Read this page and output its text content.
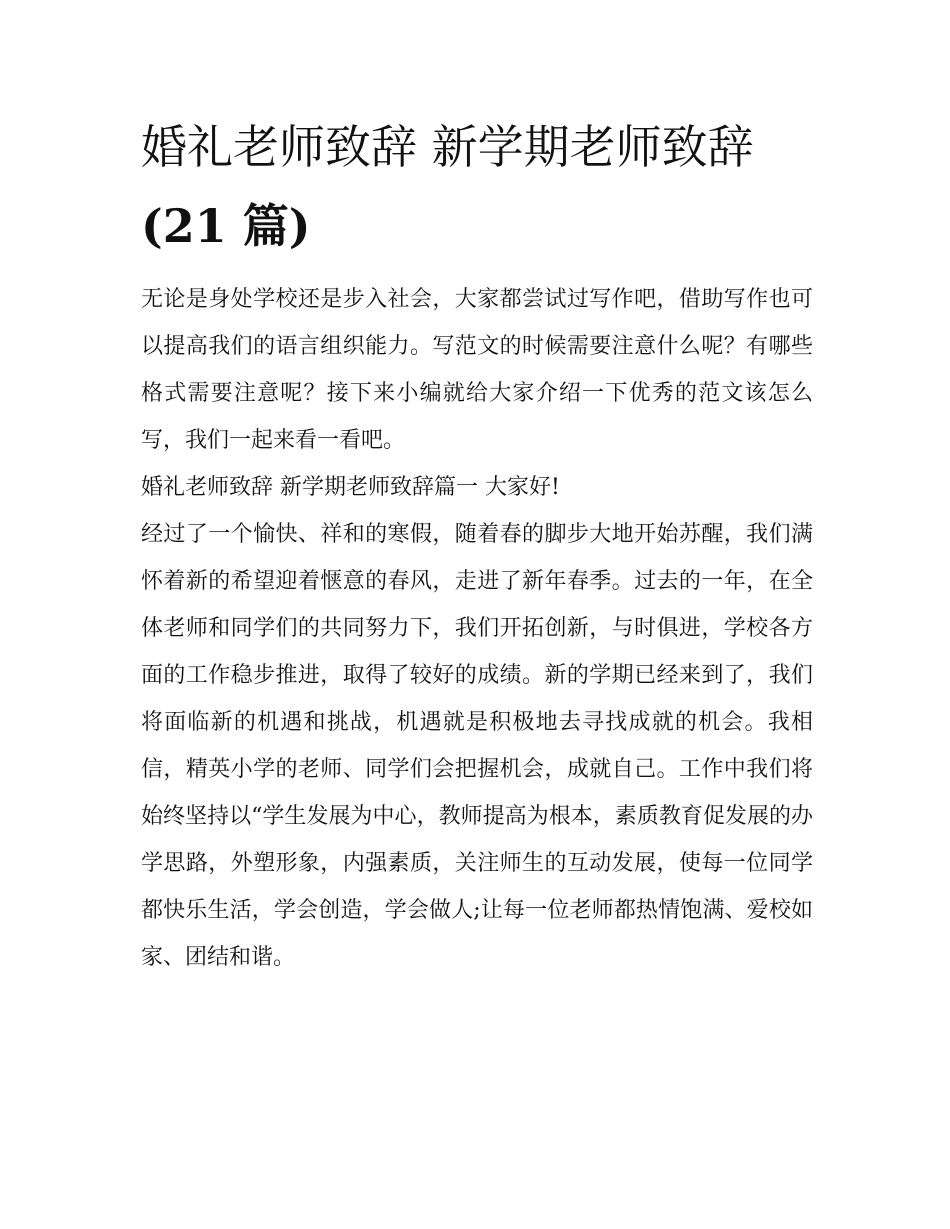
婚礼老师致辞 新学期老师致辞
(21 篇)

无论是身处学校还是步入社会，大家都尝试过写作吧，借助写作也可以提高我们的语言组织能力。写范文的时候需要注意什么呢？有哪些格式需要注意呢？接下来小编就给大家介绍一下优秀的范文该怎么写，我们一起来看一看吧。

婚礼老师致辞 新学期老师致辞篇一 大家好!

经过了一个愉快、祥和的寒假，随着春的脚步大地开始苏醒，我们满怀着新的希望迎着惬意的春风，走进了新年春季。过去的一年，在全体老师和同学们的共同努力下，我们开拓创新，与时俱进，学校各方面的工作稳步推进，取得了较好的成绩。新的学期已经来到了，我们将面临新的机遇和挑战，机遇就是积极地去寻找成就的机会。我相信，精英小学的老师、同学们会把握机会，成就自己。工作中我们将始终坚持以“学生发展为中心，教师提高为根本，素质教育促发展的办学思路，外塑形象，内强素质，关注师生的互动发展，使每一位同学都快乐生活，学会创造，学会做人;让每一位老师都热情饱满、爱校如家、团结和谐。
